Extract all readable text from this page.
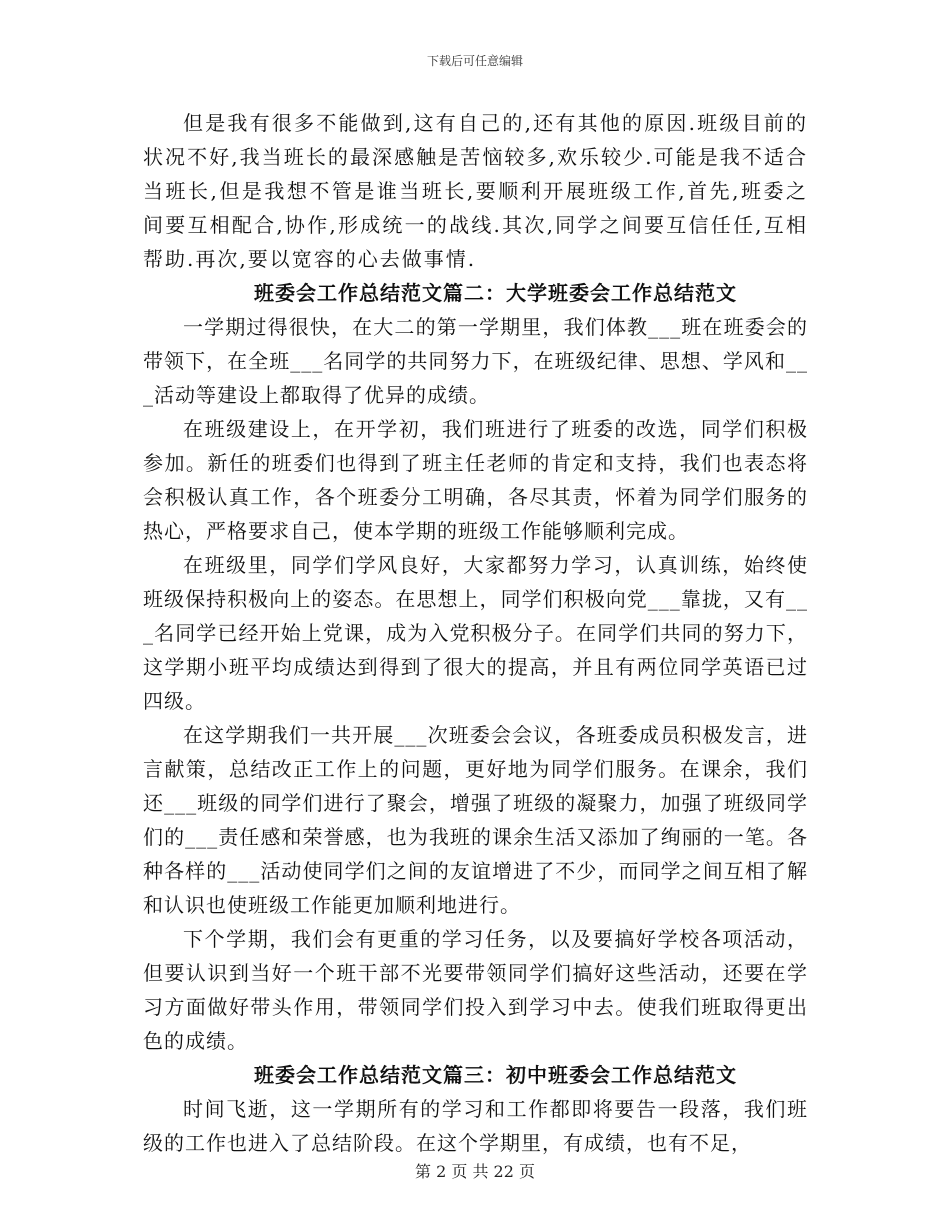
下载后可任意编辑

但是我有很多不能做到,这有自己的,还有其他的原因.班级目前的状况不好,我当班长的最深感触是苦恼较多,欢乐较少.可能是我不适合当班长,但是我想不管是谁当班长,要顺利开展班级工作,首先,班委之间要互相配合,协作,形成统一的战线.其次,同学之间要互信任任,互相帮助.再次,要以宽容的心去做事情.

班委会工作总结范文篇二：大学班委会工作总结范文

一学期过得很快，在大二的第一学期里，我们体教___班在班委会的带领下，在全班___名同学的共同努力下，在班级纪律、思想、学风和___活动等建设上都取得了优异的成绩。

在班级建设上，在开学初，我们班进行了班委的改选，同学们积极参加。新任的班委们也得到了班主任老师的肯定和支持，我们也表态将会积极认真工作，各个班委分工明确，各尽其责，怀着为同学们服务的热心，严格要求自己，使本学期的班级工作能够顺利完成。

在班级里，同学们学风良好，大家都努力学习，认真训练，始终使班级保持积极向上的姿态。在思想上，同学们积极向党___靠拢，又有___名同学已经开始上党课，成为入党积极分子。在同学们共同的努力下，这学期小班平均成绩达到得到了很大的提高，并且有两位同学英语已过四级。

在这学期我们一共开展___次班委会会议，各班委成员积极发言，进言献策，总结改正工作上的问题，更好地为同学们服务。在课余，我们还___班级的同学们进行了聚会，增强了班级的凝聚力，加强了班级同学们的___责任感和荣誉感，也为我班的课余生活又添加了绚丽的一笔。各种各样的___活动使同学们之间的友谊增进了不少，而同学之间互相了解和认识也使班级工作能更加顺利地进行。

下个学期，我们会有更重的学习任务，以及要搞好学校各项活动，但要认识到当好一个班干部不光要带领同学们搞好这些活动，还要在学习方面做好带头作用，带领同学们投入到学习中去。使我们班取得更出色的成绩。

班委会工作总结范文篇三：初中班委会工作总结范文

时间飞逝，这一学期所有的学习和工作都即将要告一段落，我们班级的工作也进入了总结阶段。在这个学期里，有成绩，也有不足，

第 2 页 共 22 页
